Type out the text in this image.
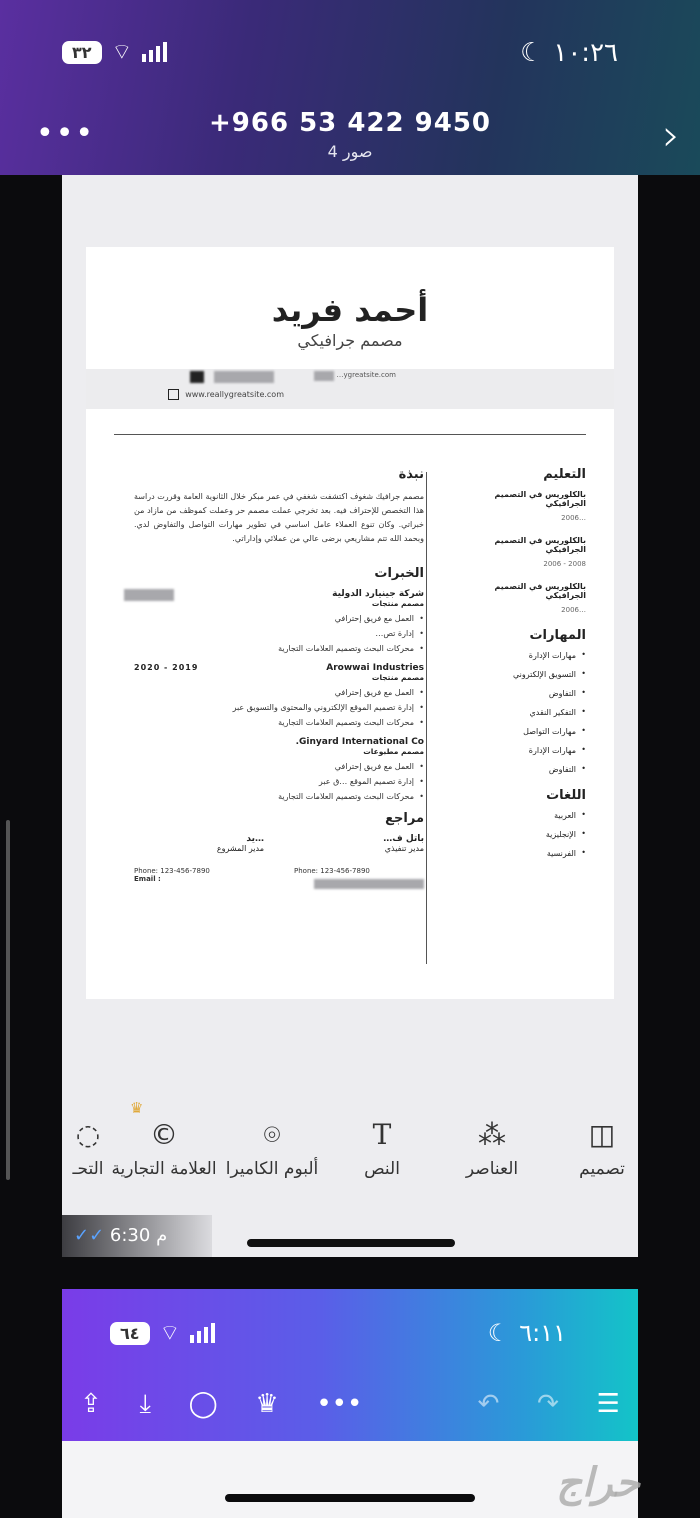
٣٢ ⌔	☾ ١٠:٢٦
•••	+966 53 422 9450
4 صور	›
أحمد فريد
مصمم جرافيكي
…ygreatsite.com
www.reallygreatsite.com
التعليم
بالكلوريس في التصميم الجرافيكي
…2006
بالكلوريس في التصميم الجرافيكي
2008 - 2006
بالكلوريس في التصميم الجرافيكي
…2006
المهارات
• مهارات الإدارة
• التسويق الإلكتروني
• التفاوض
• التفكير النقدي
• مهارات التواصل
• مهارات الإدارة
• التفاوض
اللغات
• العربية
• الإنجليزية
• الفرنسية
نبذة
مصمم جرافيك شغوف اكتشفت شغفي في عمر مبكر خلال الثانوية العامة وقررت دراسة هذا التخصص للإحتراف فيه. بعد تخرجي عملت مصمم حر وعملت كموظف من مازاد من خبراتي. وكان تنوع العملاء عامل اساسي في تطوير مهارات التواصل والتفاوض لدي. وبحمد الله تتم مشاريعي برضى عالي من عملائي وإداراتي.
الخبرات
شركة جينيارد الدولية
مصمم منتجات
• العمل مع فريق إحترافي
• إدارة تص…
• محركات البحث وتصميم العلامات التجارية
2020 - 2019	Arowwai Industries
مصمم منتجات
• العمل مع فريق إحترافي
• إدارة تصميم الموقع الإلكتروني والمحتوى والتسويق عبر
• محركات البحث وتصميم العلامات التجارية
Ginyard International Co.
مصمم مطبوعات
• العمل مع فريق إحترافي
• إدارة تصميم الموقع …ق عبر
• محركات البحث وتصميم العلامات التجارية
مراجع
باتل ف…
مدير تنفيذي
Phone: 123-456-7890
…يد
مدير المشروع
Phone: 123-456-7890
Email :
◫
تصميم
⁂
العناصر
T
النص
⌾
ألبوم الكاميرا
♛
©
العلامة التجارية
◌
التحـ
✓✓ 6:30 م
٦٤ ⌔	☾ ٦:١١
⇪ ⤓ ◯ ♛ •••	↶ ↷ ☰
حراج
